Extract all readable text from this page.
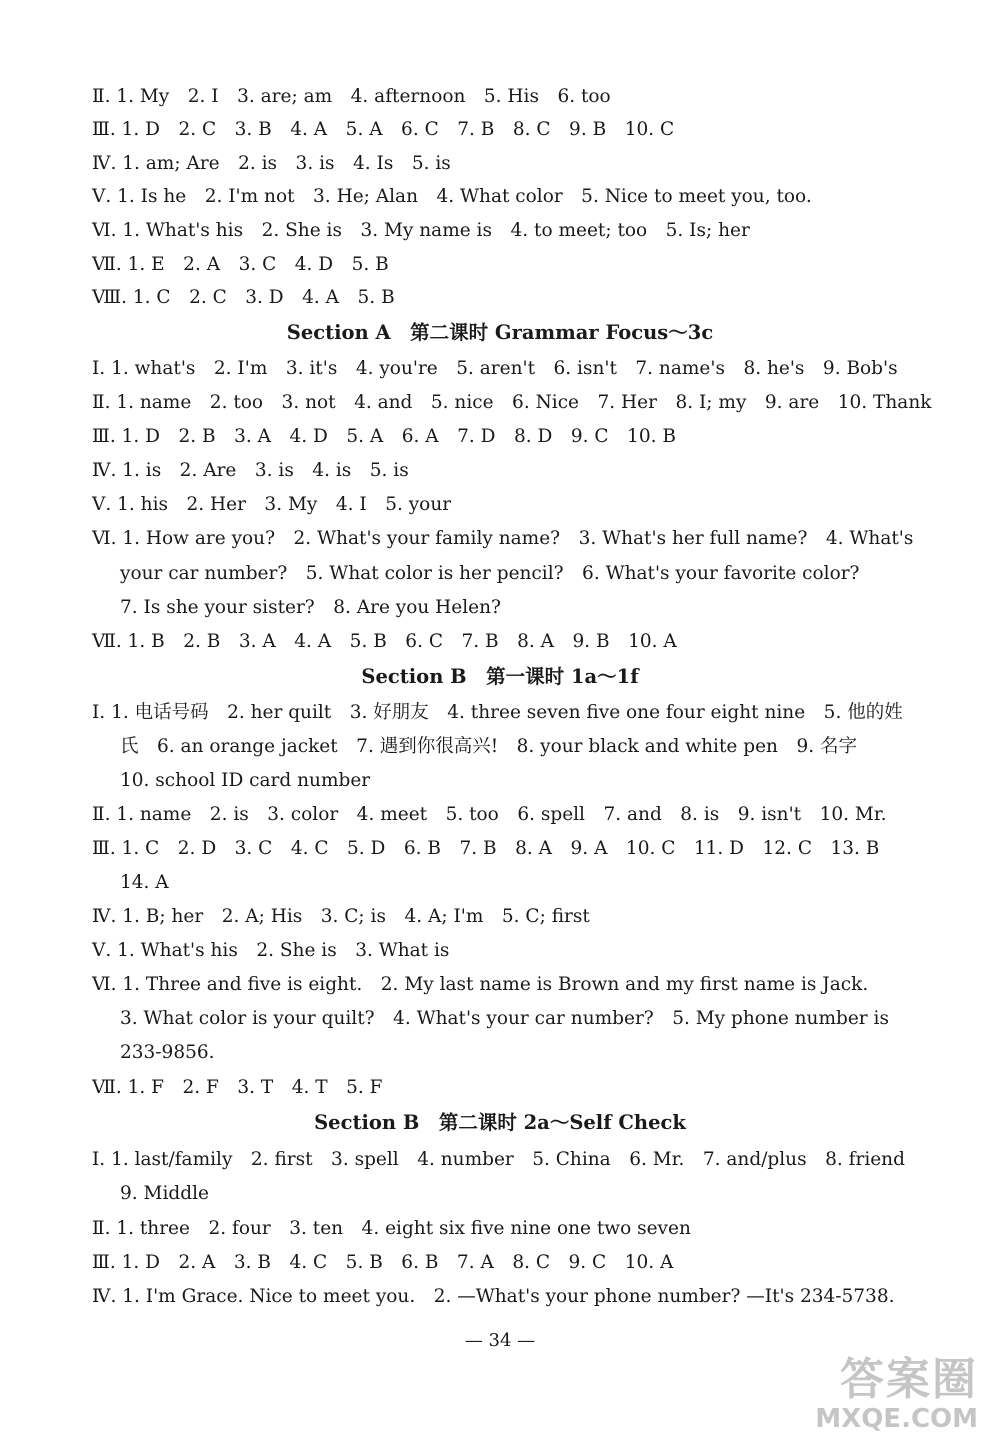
Ⅱ. 1. My　2. I　3. are; am　4. afternoon　5. His　6. too
Ⅲ. 1. D　2. C　3. B　4. A　5. A　6. C　7. B　8. C　9. B　10. C
Ⅳ. 1. am; Are　2. is　3. is　4. Is　5. is
Ⅴ. 1. Is he　2. I'm not　3. He; Alan　4. What color　5. Nice to meet you, too.
Ⅵ. 1. What's his　2. She is　3. My name is　4. to meet; too　5. Is; her
Ⅶ. 1. E　2. A　3. C　4. D　5. B
Ⅷ. 1. C　2. C　3. D　4. A　5. B
Section A　第二课时 Grammar Focus～3c
Ⅰ. 1. what's　2. I'm　3. it's　4. you're　5. aren't　6. isn't　7. name's　8. he's　9. Bob's
Ⅱ. 1. name　2. too　3. not　4. and　5. nice　6. Nice　7. Her　8. I; my　9. are　10. Thank
Ⅲ. 1. D　2. B　3. A　4. D　5. A　6. A　7. D　8. D　9. C　10. B
Ⅳ. 1. is　2. Are　3. is　4. is　5. is
Ⅴ. 1. his　2. Her　3. My　4. I　5. your
Ⅵ. 1. How are you?　2. What's your family name?　3. What's her full name?　4. What's
your car number?　5. What color is her pencil?　6. What's your favorite color?
7. Is she your sister?　8. Are you Helen?
Ⅶ. 1. B　2. B　3. A　4. A　5. B　6. C　7. B　8. A　9. B　10. A
Section B　第一课时 1a～1f
Ⅰ. 1. 电话号码　2. her quilt　3. 好朋友　4. three seven five one four eight nine　5. 他的姓
氏　6. an orange jacket　7. 遇到你很高兴!　8. your black and white pen　9. 名字
10. school ID card number
Ⅱ. 1. name　2. is　3. color　4. meet　5. too　6. spell　7. and　8. is　9. isn't　10. Mr.
Ⅲ. 1. C　2. D　3. C　4. C　5. D　6. B　7. B　8. A　9. A　10. C　11. D　12. C　13. B
14. A
Ⅳ. 1. B; her　2. A; His　3. C; is　4. A; I'm　5. C; first
Ⅴ. 1. What's his　2. She is　3. What is
Ⅵ. 1. Three and five is eight.　2. My last name is Brown and my first name is Jack.
3. What color is your quilt?　4. What's your car number?　5. My phone number is
233-9856.
Ⅶ. 1. F　2. F　3. T　4. T　5. F
Section B　第二课时 2a～Self Check
Ⅰ. 1. last/family　2. first　3. spell　4. number　5. China　6. Mr.　7. and/plus　8. friend
9. Middle
Ⅱ. 1. three　2. four　3. ten　4. eight six five nine one two seven
Ⅲ. 1. D　2. A　3. B　4. C　5. B　6. B　7. A　8. C　9. C　10. A
Ⅳ. 1. I'm Grace. Nice to meet you.　2. —What's your phone number? —It's 234-5738.
— 34 —
答案圈
MXQE.COM
